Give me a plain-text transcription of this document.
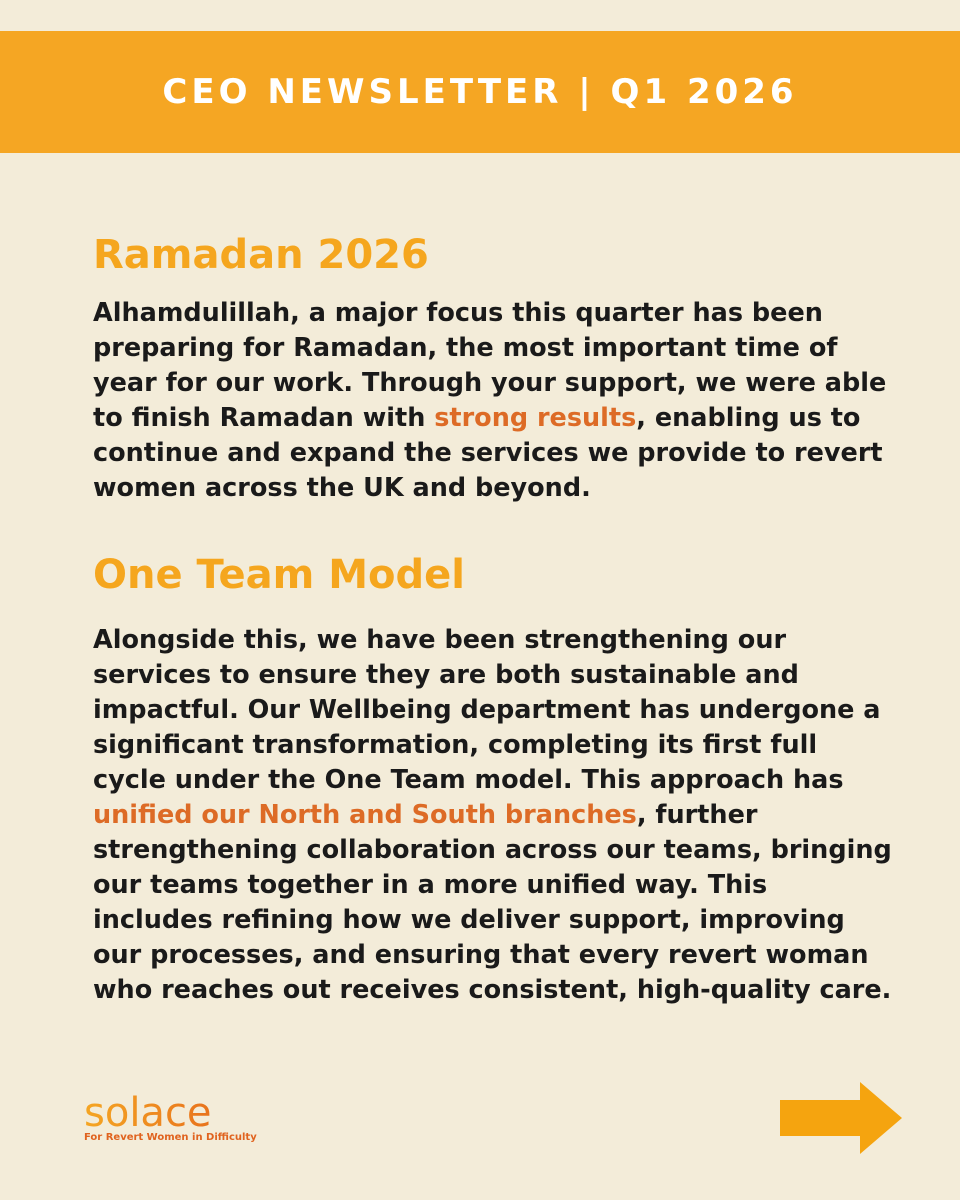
CEO NEWSLETTER | Q1 2026
Ramadan 2026

Alhamdulillah, a major focus this quarter has been preparing for Ramadan, the most important time of year for our work. Through your support, we were able to finish Ramadan with strong results, enabling us to continue and expand the services we provide to revert women across the UK and beyond.

One Team Model

Alongside this, we have been strengthening our services to ensure they are both sustainable and impactful. Our Wellbeing department has undergone a significant transformation, completing its first full cycle under the One Team model. This approach has unified our North and South branches, further strengthening collaboration across our teams, bringing our teams together in a more unified way. This includes refining how we deliver support, improving our processes, and ensuring that every revert woman who reaches out receives consistent, high-quality care.

solace
For Revert Women in Difficulty
